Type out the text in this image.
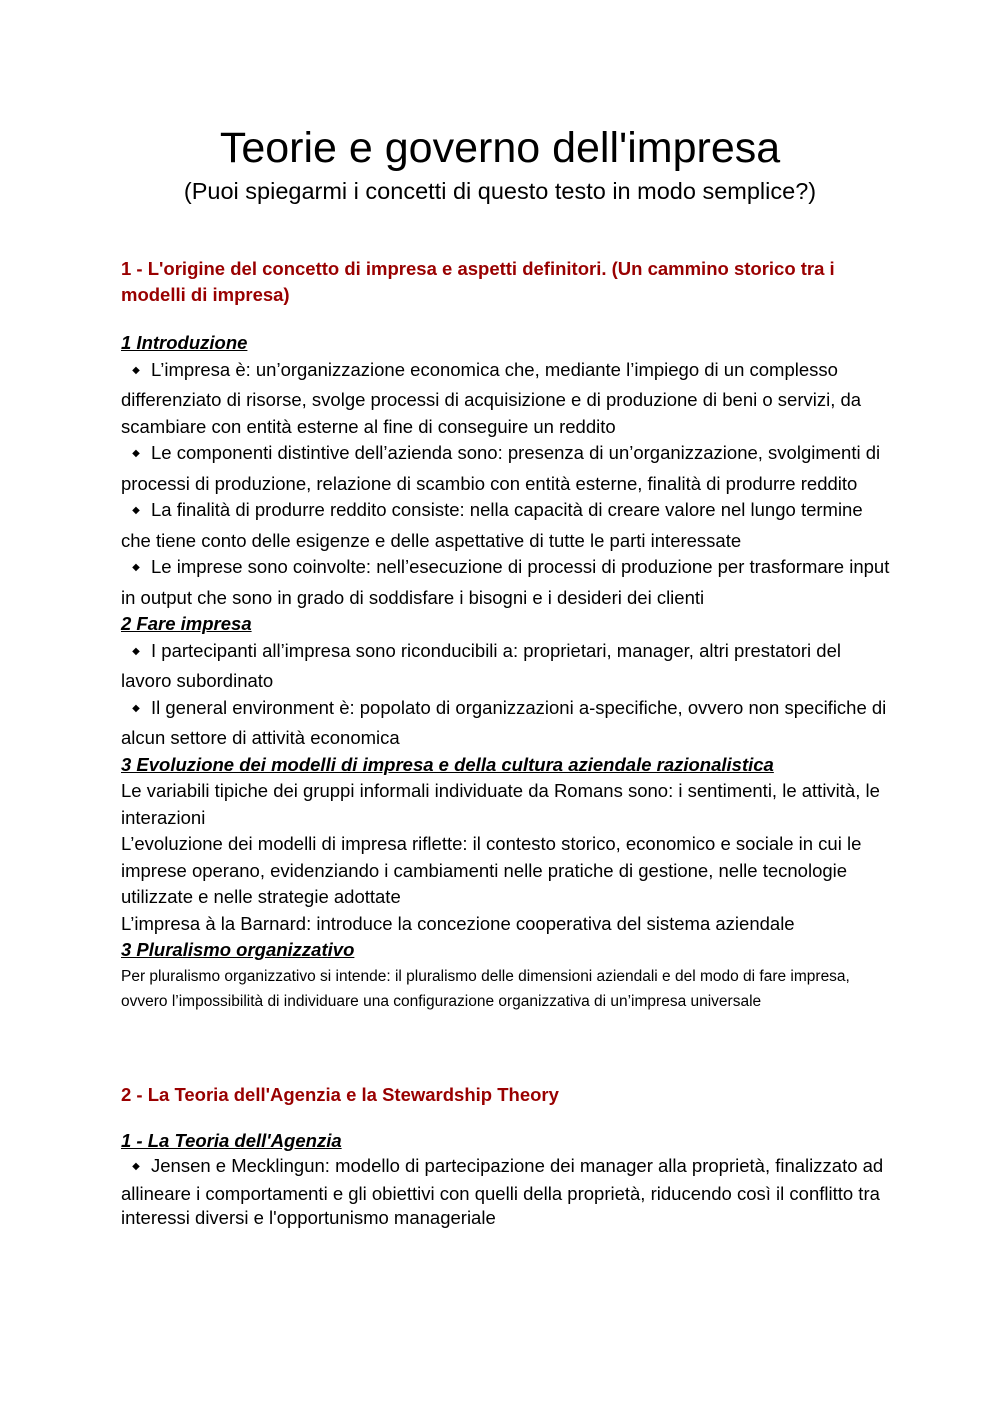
Teorie e governo dell'impresa

(Puoi spiegarmi i concetti di questo testo in modo semplice?)

1 - L'origine del concetto di impresa e aspetti definitori. (Un cammino storico tra i modelli di impresa)

1 Introduzione

◆ L’impresa è: un’organizzazione economica che, mediante l’impiego di un complesso differenziato di risorse, svolge processi di acquisizione e di produzione di beni o servizi, da scambiare con entità esterne al fine di conseguire un reddito

◆ Le componenti distintive dell’azienda sono: presenza di un’organizzazione, svolgimenti di processi di produzione, relazione di scambio con entità esterne, finalità di produrre reddito

◆ La finalità di produrre reddito consiste: nella capacità di creare valore nel lungo termine che tiene conto delle esigenze e delle aspettative di tutte le parti interessate

◆ Le imprese sono coinvolte: nell’esecuzione di processi di produzione per trasformare input in output che sono in grado di soddisfare i bisogni e i desideri dei clienti

2 Fare impresa

◆ I partecipanti all’impresa sono riconducibili a: proprietari, manager, altri prestatori del lavoro subordinato

◆ Il general environment è: popolato di organizzazioni a-specifiche, ovvero non specifiche di alcun settore di attività economica

3 Evoluzione dei modelli di impresa e della cultura aziendale razionalistica

Le variabili tipiche dei gruppi informali individuate da Romans sono: i sentimenti, le attività, le interazioni

L’evoluzione dei modelli di impresa riflette: il contesto storico, economico e sociale in cui le imprese operano, evidenziando i cambiamenti nelle pratiche di gestione, nelle tecnologie utilizzate e nelle strategie adottate

L’impresa à la Barnard: introduce la concezione cooperativa del sistema aziendale

3 Pluralismo organizzativo

Per pluralismo organizzativo si intende: il pluralismo delle dimensioni aziendali e del modo di fare impresa, ovvero l’impossibilità di individuare una configurazione organizzativa di un’impresa universale

2 - La Teoria dell'Agenzia e la Stewardship Theory

1 - La Teoria dell'Agenzia

◆ Jensen e Mecklingun: modello di partecipazione dei manager alla proprietà, finalizzato ad allineare i comportamenti e gli obiettivi con quelli della proprietà, riducendo così il conflitto tra interessi diversi e l'opportunismo manageriale
